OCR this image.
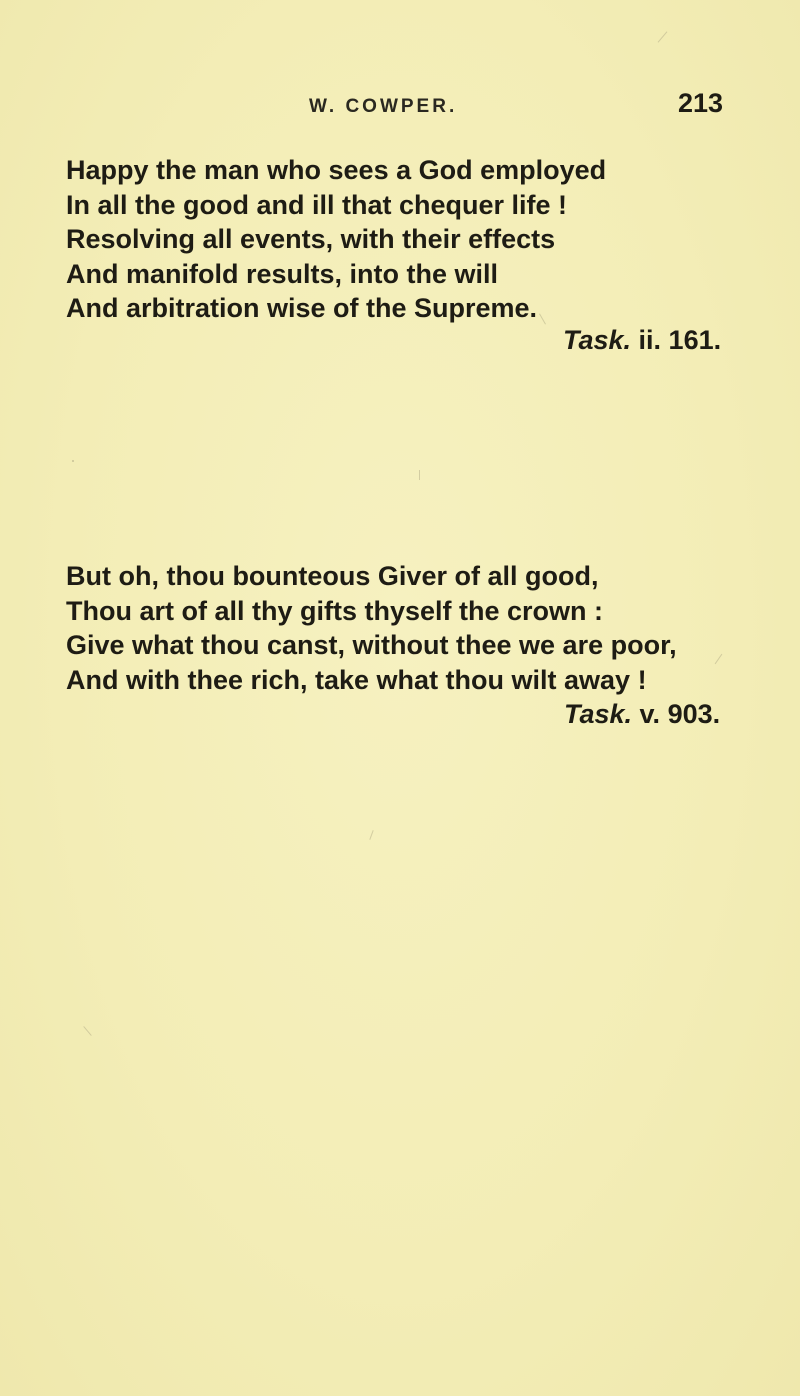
W. COWPER.	213
Happy the man who sees a God employed
In all the good and ill that chequer life !
Resolving all events, with their effects
And manifold results, into the will
And arbitration wise of the Supreme.
Task. ii. 161.
But oh, thou bounteous Giver of all good,
Thou art of all thy gifts thyself the crown :
Give what thou canst, without thee we are poor,
And with thee rich, take what thou wilt away !
Task. v. 903.
